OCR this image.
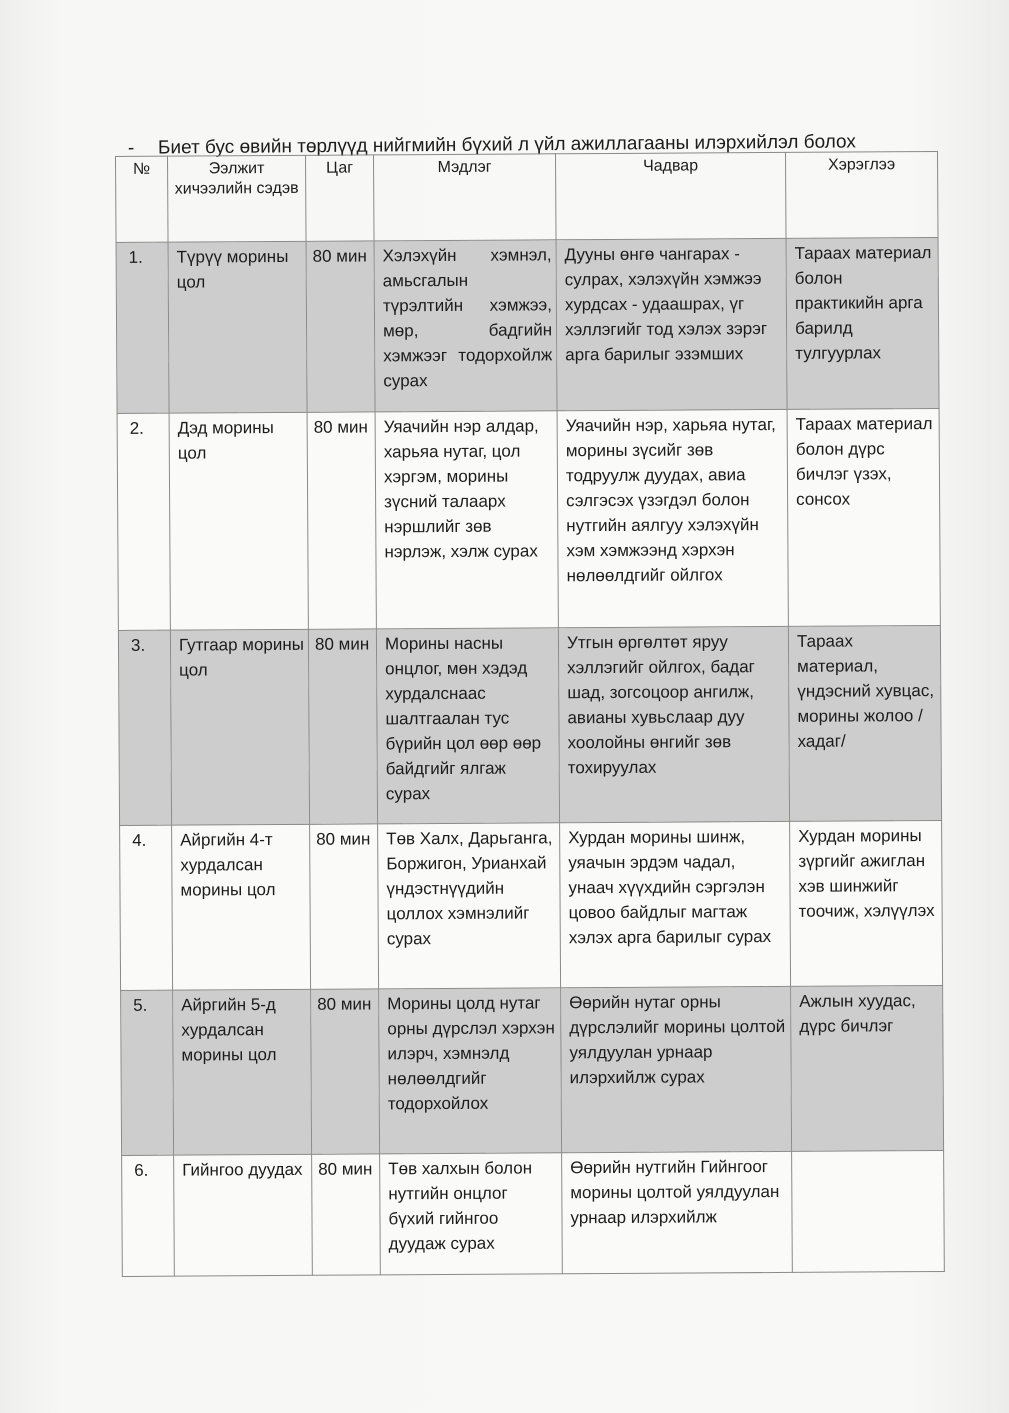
- Биет бус өвийн төрлүүд нийгмийн бүхий л үйл ажиллагааны илэрхийлэл болох
№	Ээлжит хичээлийн сэдэв	Цаг	Мэдлэг	Чадвар	Хэрэглээ
1.	Түрүү морины цол	80 мин	Хэлэхүйн хэмнэл, амьсгалын түрэлтийн хэмжээ, мөр, бадгийн хэмжээг тодорхойлж сурах	Дууны өнгө чангарах - сулрах, хэлэхүйн хэмжээ хурдсах - удаашрах, үг хэллэгийг тод хэлэх зэрэг арга барилыг эзэмших	Тараах материал болон практикийн арга барилд тулгуурлах
2.	Дэд морины цол	80 мин	Уяачийн нэр алдар, харьяа нутаг, цол хэргэм, морины зүсний талаарх нэршлийг зөв нэрлэж, хэлж сурах	Уяачийн нэр, харьяа нутаг, морины зүсийг зөв тодруулж дуудах, авиа сэлгэсэх үзэгдэл болон нутгийн аялгуу хэлэхүйн хэм хэмжээнд хэрхэн нөлөөлдгийг ойлгох	Тараах материал болон дүрс бичлэг үзэх, сонсох
3.	Гутгаар морины цол	80 мин	Морины насны онцлог, мөн хэдэд хурдалснаас шалтгаалан тус бүрийн цол өөр өөр байдгийг ялгаж сурах	Утгын өргөлтөт яруу хэллэгийг ойлгох, бадаг шад, зогсоцоор ангилж, авианы хувьслаар дуу хоолойны өнгийг зөв тохируулах	Тараах материал, үндэсний хувцас, морины жолоо /хадаг/
4.	Айргийн 4-т хурдалсан морины цол	80 мин	Төв Халх, Дарьганга, Боржигон, Урианхай үндэстнүүдийн цоллох хэмнэлийг сурах	Хурдан морины шинж, уяачын эрдэм чадал, унаач хүүхдийн сэргэлэн цовоо байдлыг магтаж хэлэх арга барилыг сурах	Хурдан морины зүргийг ажиглан хэв шинжийг тоочиж, хэлүүлэх
5.	Айргийн 5-д хурдалсан морины цол	80 мин	Морины цолд нутаг орны дүрслэл хэрхэн илэрч, хэмнэлд нөлөөлдгийг тодорхойлох	Өөрийн нутаг орны дүрслэлийг морины цолтой уялдуулан урнаар илэрхийлж сурах	Ажлын хуудас, дүрс бичлэг
6.	Гийнгоо дуудах	80 мин	Төв халхын болон нутгийн онцлог бүхий гийнгоо дуудаж сурах	Өөрийн нутгийн Гийнгоог морины цолтой уялдуулан урнаар илэрхийлж	
